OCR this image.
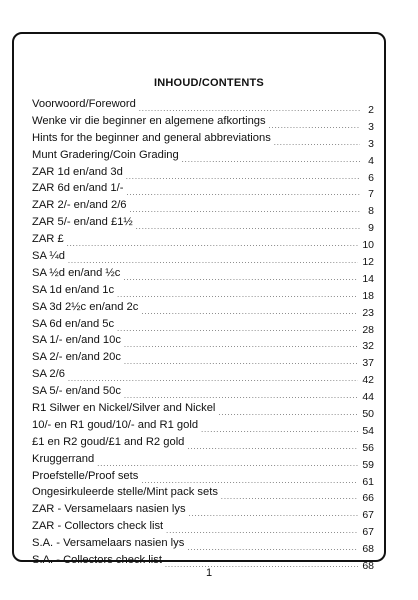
INHOUD/CONTENTS
Voorwoord/Foreword .....	2
Wenke vir die beginner en algemene afkortings .....	3
Hints for the beginner and general abbreviations .....	3
Munt Gradering/Coin Grading .....	4
ZAR 1d en/and 3d .....	6
ZAR 6d en/and 1/- .....	7
ZAR 2/- en/and 2/6 .....	8
ZAR 5/- en/and £1½ .....	9
ZAR £ .....	10
SA ¼d .....	12
SA ½d en/and ½c .....	14
SA 1d en/and 1c .....	18
SA 3d 2½c en/and 2c .....	23
SA 6d en/and 5c .....	28
SA 1/- en/and 10c .....	32
SA 2/- en/and 20c .....	37
SA 2/6 .....	42
SA 5/- en/and 50c .....	44
R1 Silwer en Nickel/Silver and Nickel .....	50
10/- en R1 goud/10/- and R1 gold .....	54
£1 en R2 goud/£1 and R2 gold .....	56
Kruggerrand .....	59
Proefstelle/Proof sets .....	61
Ongesirkuleerde stelle/Mint pack sets .....	66
ZAR - Versamelaars nasien lys .....	67
ZAR - Collectors check list .....	67
S.A. - Versamelaars nasien lys .....	68
S.A. - Collectors check list .....	68
1
